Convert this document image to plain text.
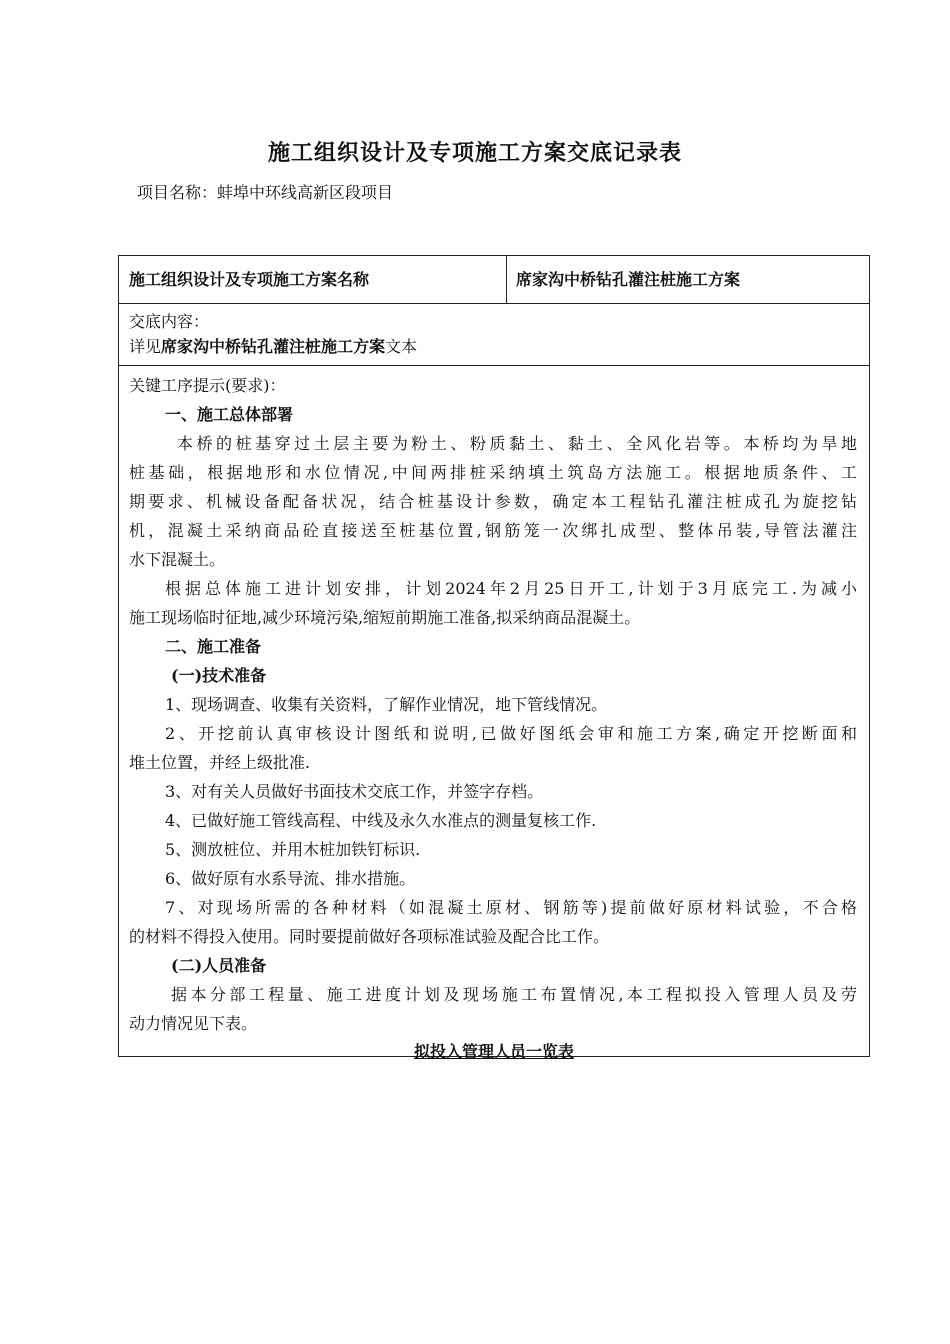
施工组织设计及专项施工方案交底记录表
项目名称：蚌埠中环线高新区段项目
施工组织设计及专项施工方案名称	席家沟中桥钻孔灌注桩施工方案
交底内容：
详见席家沟中桥钻孔灌注桩施工方案文本
关键工序提示(要求)：
一、施工总体部署
本桥的桩基穿过土层主要为粉土、粉质黏土、黏土、全风化岩等。本桥均为旱地
桩基础，根据地形和水位情况,中间两排桩采纳填土筑岛方法施工。根据地质条件、工
期要求、机械设备配备状况，结合桩基设计参数，确定本工程钻孔灌注桩成孔为旋挖钻
机，混凝土采纳商品砼直接送至桩基位置,钢筋笼一次绑扎成型、整体吊装,导管法灌注
水下混凝土。
根据总体施工进计划安排，计划2024年2月25日开工,计划于3月底完工.为减小
施工现场临时征地,减少环境污染,缩短前期施工准备,拟采纳商品混凝土。
二、施工准备
(一)技术准备
1、现场调查、收集有关资料，了解作业情况，地下管线情况。
2、开挖前认真审核设计图纸和说明,已做好图纸会审和施工方案,确定开挖断面和
堆土位置，并经上级批准.
3、对有关人员做好书面技术交底工作，并签字存档。
4、已做好施工管线高程、中线及永久水准点的测量复核工作.
5、测放桩位、并用木桩加铁钉标识.
6、做好原有水系导流、排水措施。
7、对现场所需的各种材料（如混凝土原材、钢筋等)提前做好原材料试验，不合格
的材料不得投入使用。同时要提前做好各项标准试验及配合比工作。
(二)人员准备
据本分部工程量、施工进度计划及现场施工布置情况,本工程拟投入管理人员及劳
动力情况见下表。
拟投入管理人员一览表
